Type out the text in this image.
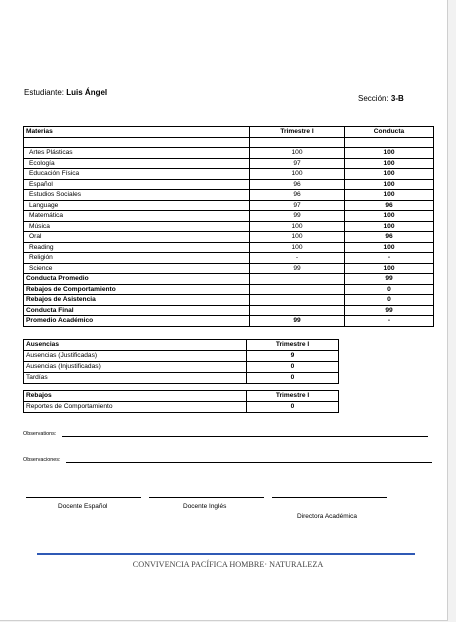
Estudiante: Luis Ángel
Sección: 3-B
Materias	Trimestre I	Conducta

Artes Plásticas	100	100
Ecología	97	100
Educación Física	100	100
Español	96	100
Estudios Sociales	96	100
Language	97	96
Matemática	99	100
Música	100	100
Oral	100	96
Reading	100	100
Religión	-	-
Science	99	100
Conducta Promedio		99
Rebajos de Comportamiento		0
Rebajos de Asistencia		0
Conducta Final		99
Promedio Académico	99	-
Ausencias	Trimestre I
Ausencias (Justificadas)	9
Ausencias (Injustificadas)	0
Tardías	0
Rebajos	Trimestre I
Reportes de Comportamiento	0
Observations:
Observaciones:
Docente Español	Docente Inglés
Directora Académica
CONVIVENCIA PACÍFICA HOMBRE· NATURALEZA
